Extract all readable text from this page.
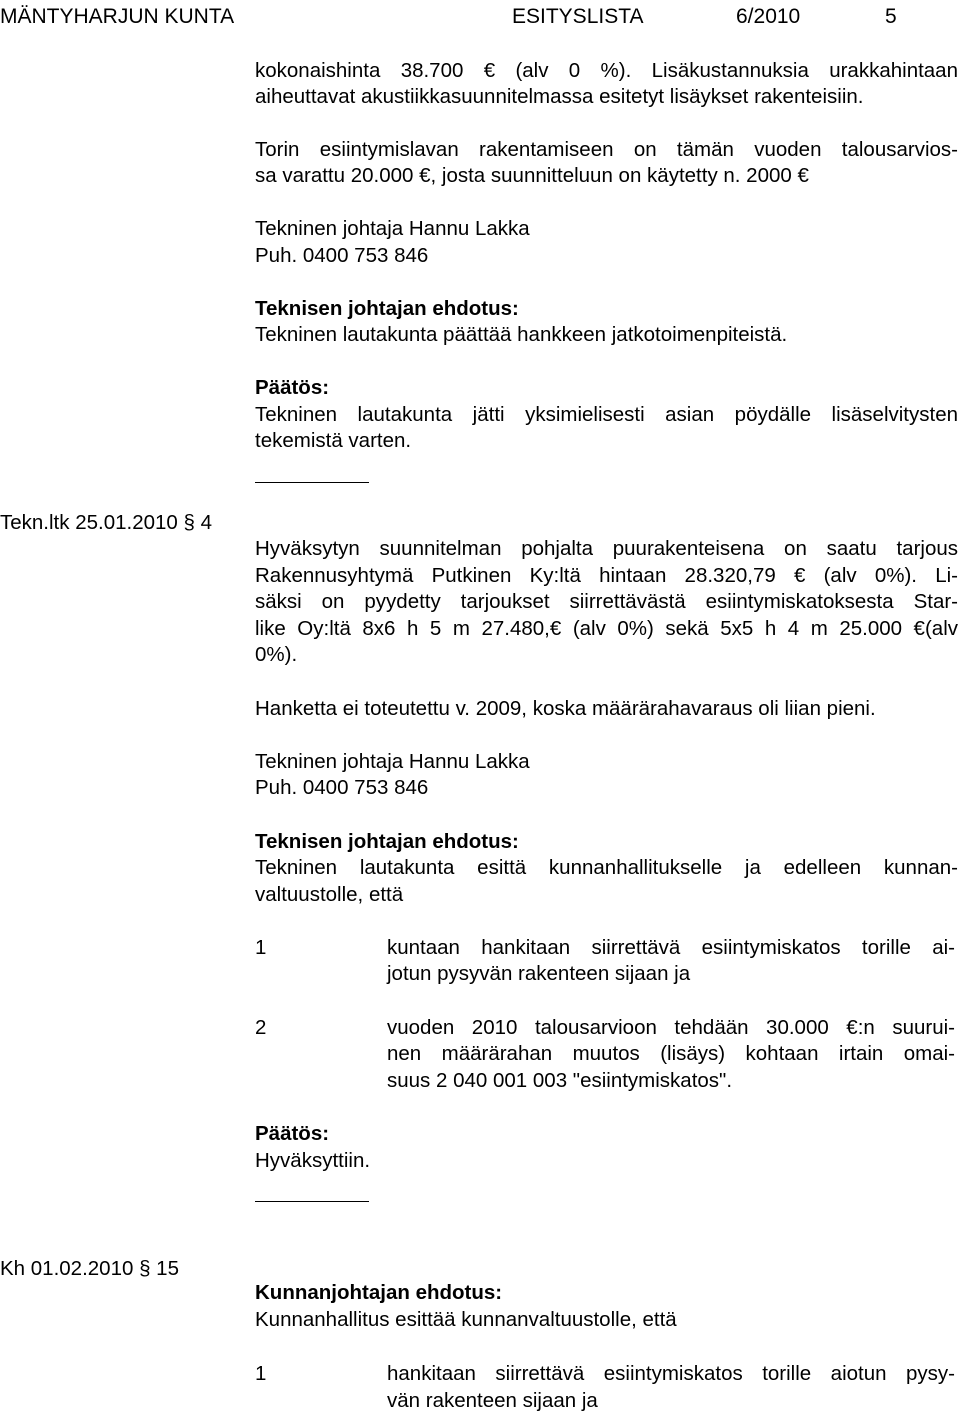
MÄNTYHARJUN KUNTA	ESITYSLISTA	6/2010	5
kokonaishinta 38.700 € (alv 0 %). Lisäkustannuksia urakkahintaan
aiheuttavat akustiikkasuunnitelmassa esitetyt lisäykset rakenteisiin.
Torin esiintymislavan rakentamiseen on tämän vuoden talousarvios-
sa varattu 20.000 €, josta suunnitteluun on käytetty n. 2000 €
Tekninen johtaja Hannu Lakka
Puh. 0400 753 846
Teknisen johtajan ehdotus:
Tekninen lautakunta päättää hankkeen jatkotoimenpiteistä.
Päätös:
Tekninen lautakunta jätti yksimielisesti asian pöydälle lisäselvitysten
tekemistä varten.
Tekn.ltk 25.01.2010 § 4
Hyväksytyn suunnitelman pohjalta puurakenteisena on saatu tarjous
Rakennusyhtymä Putkinen Ky:ltä hintaan 28.320,79 € (alv 0%). Li-
säksi on pyydetty tarjoukset siirrettävästä esiintymiskatoksesta Star-
like Oy:ltä 8x6 h 5 m 27.480,€ (alv 0%) sekä 5x5 h 4 m 25.000 €(alv
0%).
Hanketta ei toteutettu v. 2009, koska määrärahavaraus oli liian pieni.
Tekninen johtaja Hannu Lakka
Puh. 0400 753 846
Teknisen johtajan ehdotus:
Tekninen lautakunta esittä kunnanhallitukselle ja edelleen kunnan-
valtuustolle, että
1	kuntaan hankitaan siirrettävä esiintymiskatos torille ai-
jotun pysyvän rakenteen sijaan ja
2	vuoden 2010 talousarvioon tehdään 30.000 €:n suurui-
nen määrärahan muutos (lisäys) kohtaan irtain omai-
suus 2 040 001 003 "esiintymiskatos".
Päätös:
Hyväksyttiin.
Kh 01.02.2010 § 15
Kunnanjohtajan ehdotus:
Kunnanhallitus esittää kunnanvaltuustolle, että
1	hankitaan siirrettävä esiintymiskatos torille aiotun pysy-
vän rakenteen sijaan ja
